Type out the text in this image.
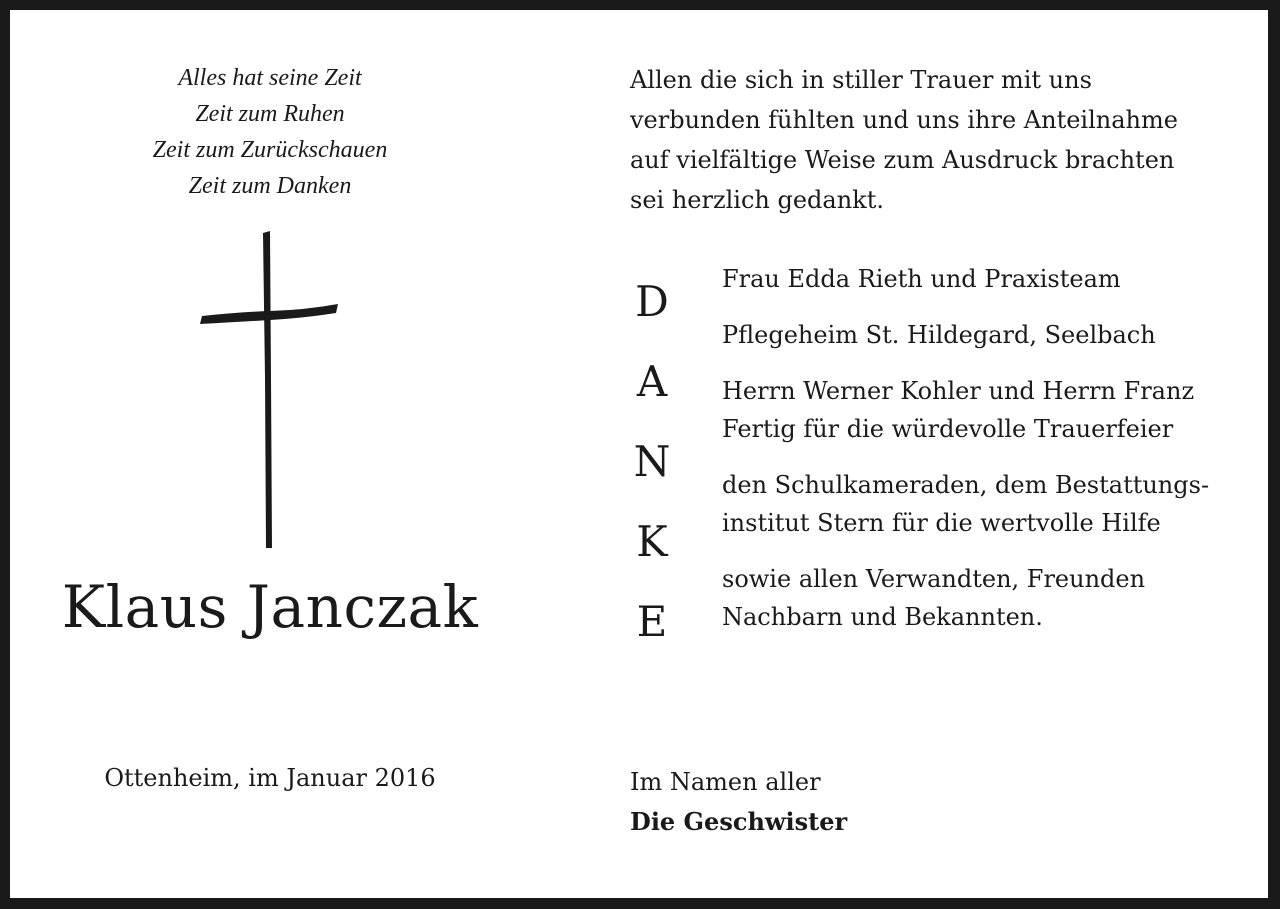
Alles hat seine Zeit
Zeit zum Ruhen
Zeit zum Zurückschauen
Zeit zum Danken
Klaus Janczak
Ottenheim, im Januar 2016
Allen die sich in stiller Trauer mit uns
verbunden fühlten und uns ihre Anteilnahme
auf vielfältige Weise zum Ausdruck brachten
sei herzlich gedankt.
D
A
N
K
E
Frau Edda Rieth und Praxisteam
Pflegeheim St. Hildegard, Seelbach
Herrn Werner Kohler und Herrn Franz
Fertig für die würdevolle Trauerfeier
den Schulkameraden, dem Bestattungs-
institut Stern für die wertvolle Hilfe
sowie allen Verwandten, Freunden
Nachbarn und Bekannten.
Im Namen aller
Die Geschwister
